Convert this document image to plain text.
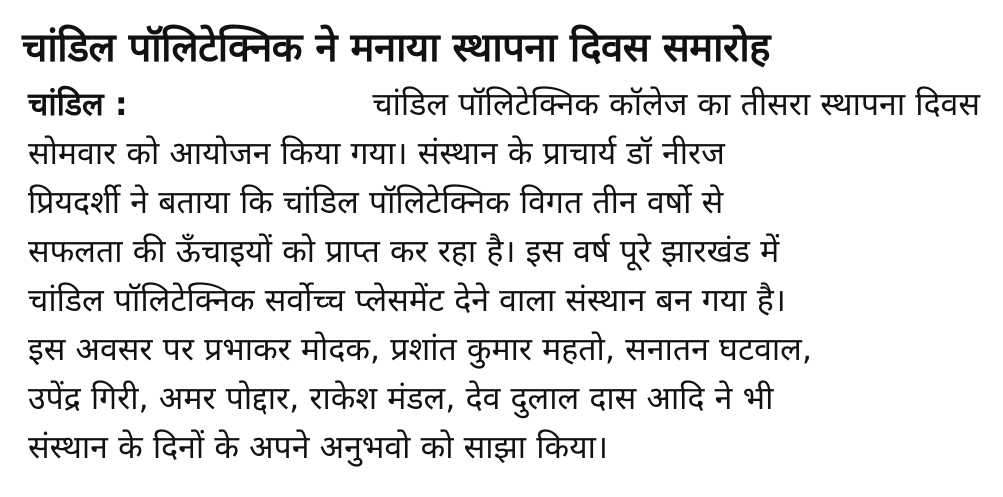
चांडिल पॉलिटेक्निक ने मनाया स्थापना दिवस समारोह
चांडिल :	चांडिल पॉलिटेक्निक कॉलेज का तीसरा स्थापना दिवस
सोमवार को आयोजन किया गया। संस्थान के प्राचार्य डॉ नीरज
प्रियदर्शी ने बताया कि चांडिल पॉलिटेक्निक विगत तीन वर्षो से
सफलता की ऊँचाइयों को प्राप्त कर रहा है। इस वर्ष पूरे झारखंड में
चांडिल पॉलिटेक्निक सर्वोच्च प्लेसमेंट देने वाला संस्थान बन गया है।
इस अवसर पर प्रभाकर मोदक, प्रशांत कुमार महतो, सनातन घटवाल,
उपेंद्र गिरी, अमर पोद्दार, राकेश मंडल, देव दुलाल दास आदि ने भी
संस्थान के दिनों के अपने अनुभवो को साझा किया।
